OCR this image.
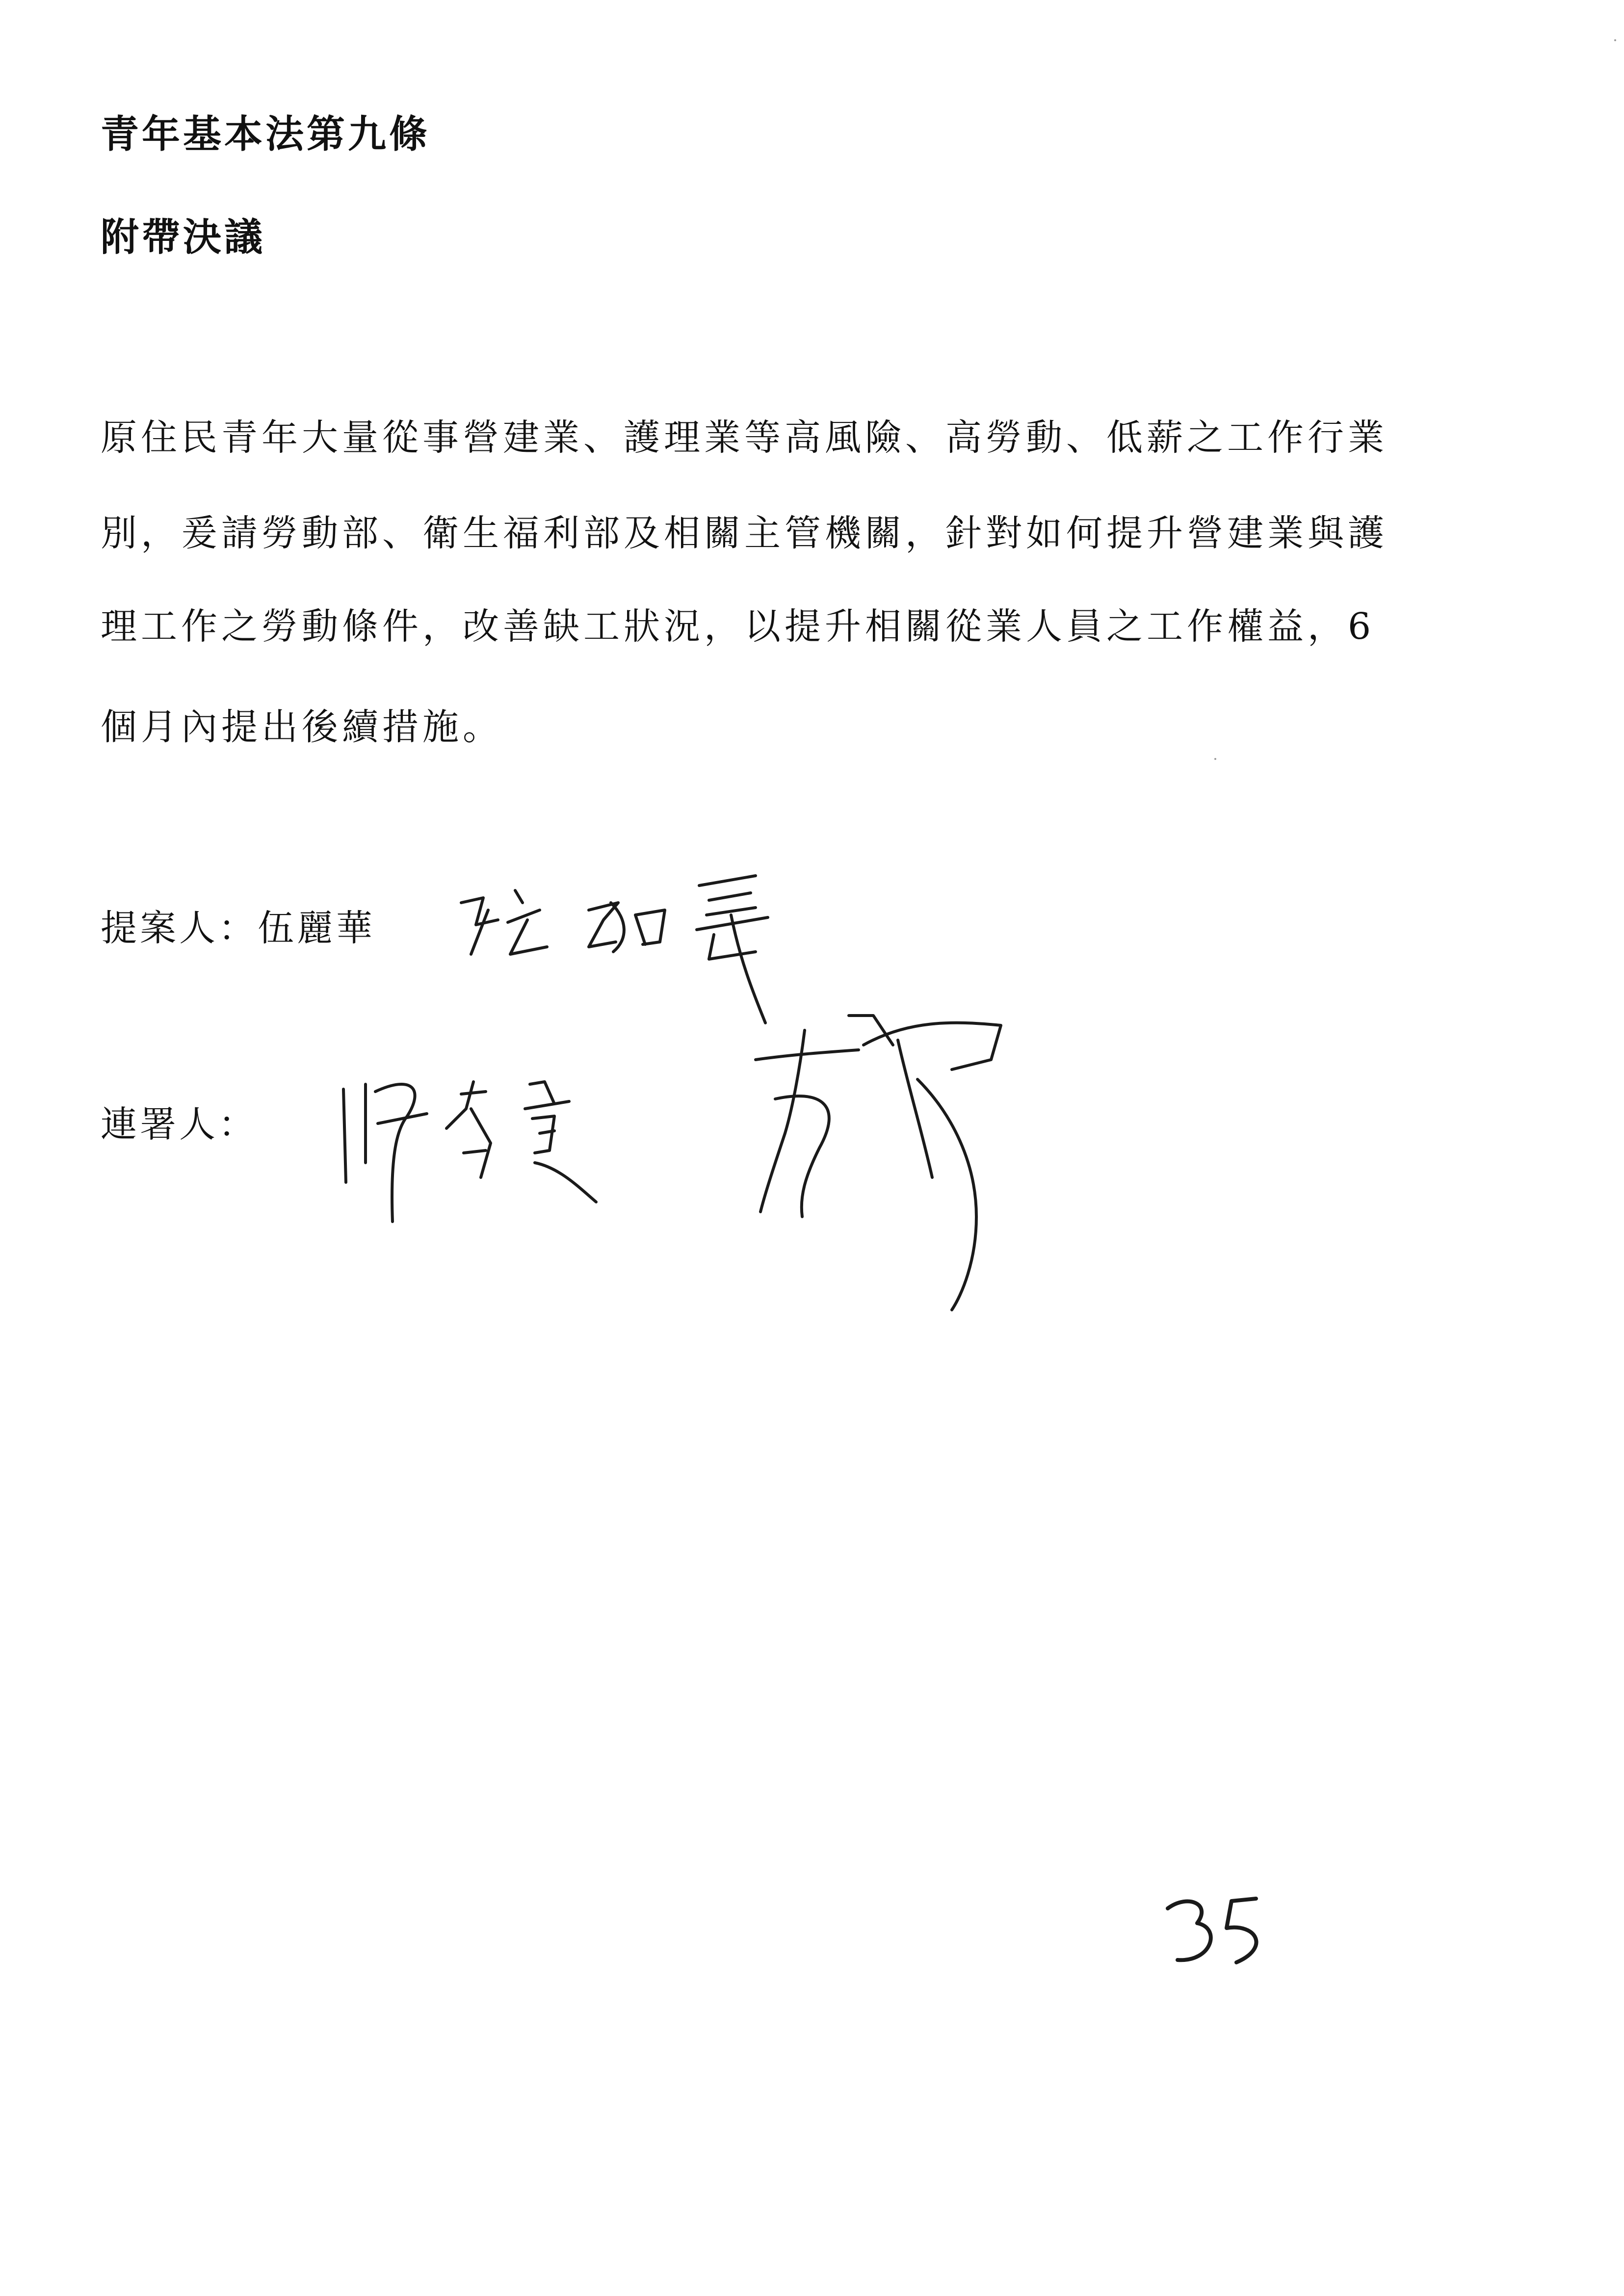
青年基本法第九條
附帶決議
原住民青年大量從事營建業、護理業等高風險、高勞動、低薪之工作行業
別，爰請勞動部、衛生福利部及相關主管機關，針對如何提升營建業與護
理工作之勞動條件，改善缺工狀況，以提升相關從業人員之工作權益，6
個月內提出後續措施。
提案人：伍麗華
連署人：
